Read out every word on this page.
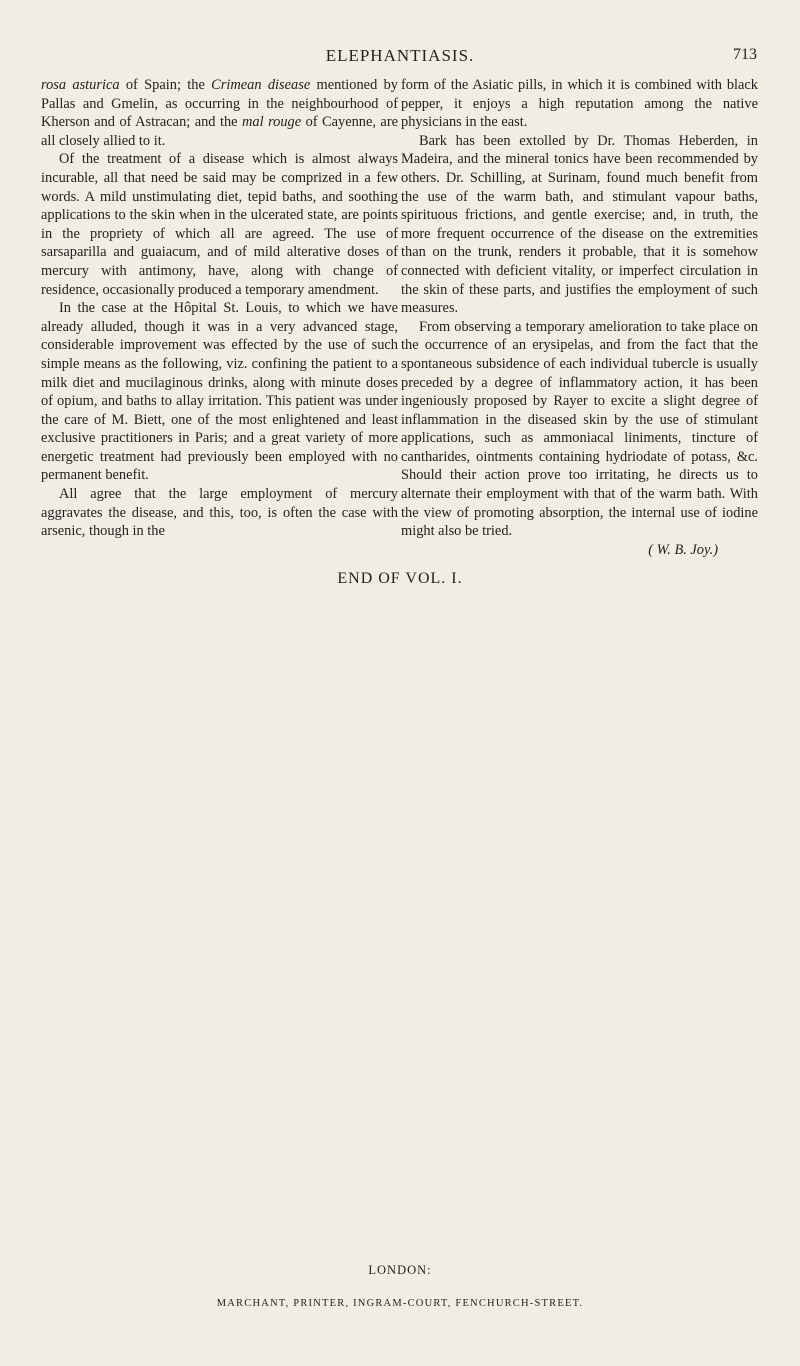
ELEPHANTIASIS.	713

rosa asturica of Spain; the Crimean disease mentioned by Pallas and Gmelin, as occurring in the neighbourhood of Kherson and of Astracan; and the mal rouge of Cayenne, are all closely allied to it.

Of the treatment of a disease which is almost always incurable, all that need be said may be comprized in a few words. A mild unstimulating diet, tepid baths, and soothing applications to the skin when in the ulcerated state, are points in the propriety of which all are agreed. The use of sarsaparilla and guaiacum, and of mild alterative doses of mercury with antimony, have, along with change of residence, occasionally produced a temporary amendment.

In the case at the Hôpital St. Louis, to which we have already alluded, though it was in a very advanced stage, considerable improvement was effected by the use of such simple means as the following, viz. confining the patient to a milk diet and mucilaginous drinks, along with minute doses of opium, and baths to allay irritation. This patient was under the care of M. Biett, one of the most enlightened and least exclusive practitioners in Paris; and a great variety of more energetic treatment had previously been employed with no permanent benefit.

All agree that the large employment of mercury aggravates the disease, and this, too, is often the case with arsenic, though in the

form of the Asiatic pills, in which it is combined with black pepper, it enjoys a high reputation among the native physicians in the east.

Bark has been extolled by Dr. Thomas Heberden, in Madeira, and the mineral tonics have been recommended by others. Dr. Schilling, at Surinam, found much benefit from the use of the warm bath, and stimulant vapour baths, spirituous frictions, and gentle exercise; and, in truth, the more frequent occurrence of the disease on the extremities than on the trunk, renders it probable, that it is somehow connected with deficient vitality, or imperfect circulation in the skin of these parts, and justifies the employment of such measures.

From observing a temporary amelioration to take place on the occurrence of an erysipelas, and from the fact that the spontaneous subsidence of each individual tubercle is usually preceded by a degree of inflammatory action, it has been ingeniously proposed by Rayer to excite a slight degree of inflammation in the diseased skin by the use of stimulant applications, such as ammoniacal liniments, tincture of cantharides, ointments containing hydriodate of potass, &c. Should their action prove too irritating, he directs us to alternate their employment with that of the warm bath. With the view of promoting absorption, the internal use of iodine might also be tried.

( W. B. Joy.)

END OF VOL. I.
LONDON:
MARCHANT, PRINTER, INGRAM-COURT, FENCHURCH-STREET.
